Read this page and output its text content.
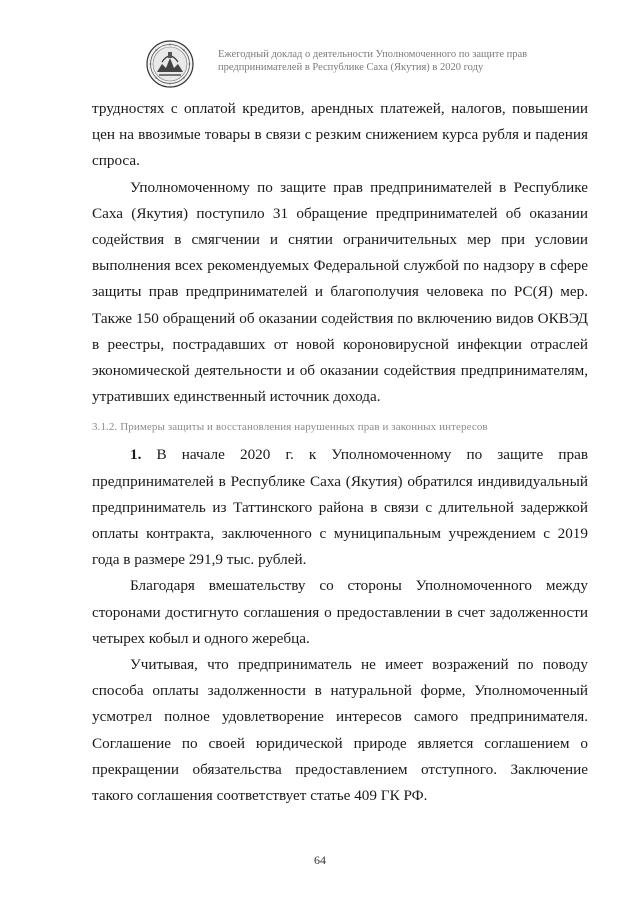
Ежегодный доклад о деятельности Уполномоченного по защите прав
предпринимателей в Республике Саха (Якутия) в 2020 году

трудностях с оплатой кредитов, арендных платежей, налогов, повышении цен на ввозимые товары в связи с резким снижением курса рубля и падения спроса.

Уполномоченному по защите прав предпринимателей в Республике Саха (Якутия) поступило 31 обращение предпринимателей об оказании содействия в смягчении и снятии ограничительных мер при условии выполнения всех рекомендуемых Федеральной службой по надзору в сфере защиты прав предпринимателей и благополучия человека по РС(Я) мер. Также 150 обращений об оказании содействия по включению видов ОКВЭД в реестры, пострадавших от новой короновирусной инфекции отраслей экономической деятельности и об оказании содействия предпринимателям, утративших единственный источник дохода.

3.1.2. Примеры защиты и восстановления нарушенных прав и законных интересов

1. В начале 2020 г. к Уполномоченному по защите прав предпринимателей в Республике Саха (Якутия) обратился индивидуальный предприниматель из Таттинского района в связи с длительной задержкой оплаты контракта, заключенного с муниципальным учреждением с 2019 года в размере 291,9 тыс. рублей.

Благодаря вмешательству со стороны Уполномоченного между сторонами достигнуто соглашения о предоставлении в счет задолженности четырех кобыл и одного жеребца.

Учитывая, что предприниматель не имеет возражений по поводу способа оплаты задолженности в натуральной форме, Уполномоченный усмотрел полное удовлетворение интересов самого предпринимателя. Соглашение по своей юридической природе является соглашением о прекращении обязательства предоставлением отступного. Заключение такого соглашения соответствует статье 409 ГК РФ.

64
